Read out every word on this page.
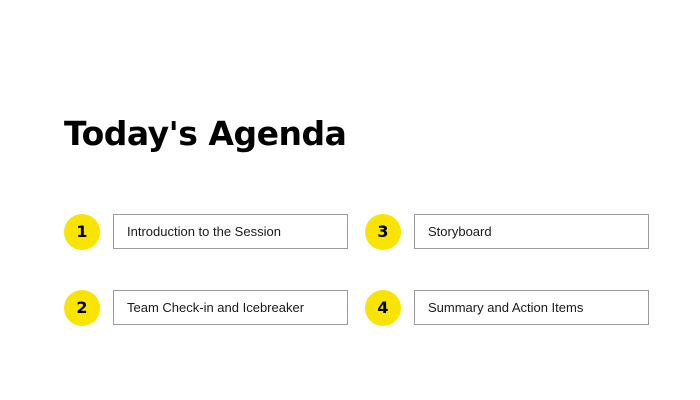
Today's Agenda
1	Introduction to the Session
2	Team Check-in and Icebreaker
3	Storyboard
4	Summary and Action Items
